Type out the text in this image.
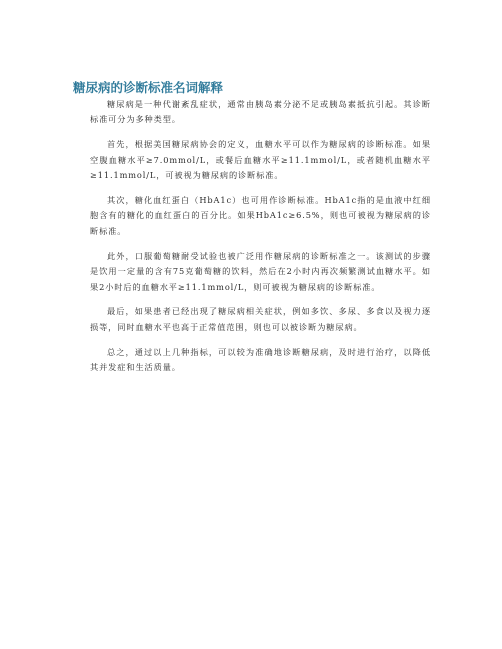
糖尿病的诊断标准名词解释

糖尿病是一种代谢紊乱症状，通常由胰岛素分泌不足或胰岛素抵抗引起。其诊断标准可分为多种类型。

首先，根据美国糖尿病协会的定义，血糖水平可以作为糖尿病的诊断标准。如果空腹血糖水平≥7.0mmol/L，或餐后血糖水平≥11.1mmol/L，或者随机血糖水平≥11.1mmol/L，可被视为糖尿病的诊断标准。

其次，糖化血红蛋白（HbA1c）也可用作诊断标准。HbA1c指的是血液中红细胞含有的糖化的血红蛋白的百分比。如果HbA1c≥6.5%，则也可被视为糖尿病的诊断标准。

此外，口服葡萄糖耐受试验也被广泛用作糖尿病的诊断标准之一。该测试的步骤是饮用一定量的含有75克葡萄糖的饮料，然后在2小时内再次频繁测试血糖水平。如果2小时后的血糖水平≥11.1mmol/L，则可被视为糖尿病的诊断标准。

最后，如果患者已经出现了糖尿病相关症状，例如多饮、多尿、多食以及视力逐损等，同时血糖水平也高于正常值范围，则也可以被诊断为糖尿病。

总之，通过以上几种指标，可以较为准确地诊断糖尿病，及时进行治疗，以降低其并发症和生活质量。
